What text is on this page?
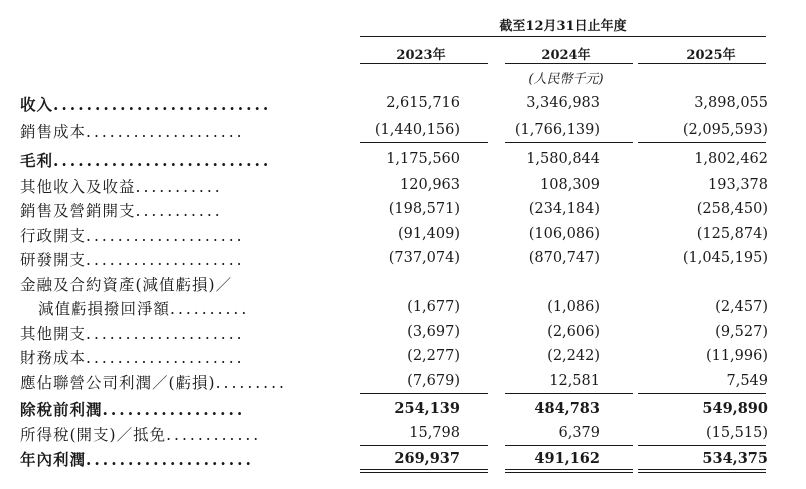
截至12月31日止年度
2023年	2024年	2025年
(人民幣千元)
收入..........................	2,615,716	3,346,983	3,898,055
銷售成本....................	(1,440,156)	(1,766,139)	(2,095,593)
毛利..........................	1,175,560	1,580,844	1,802,462
其他收入及收益...........	120,963	108,309	193,378
銷售及營銷開支...........	(198,571)	(234,184)	(258,450)
行政開支....................	(91,409)	(106,086)	(125,874)
研發開支....................	(737,074)	(870,747)	(1,045,195)
金融及合約資產(減值虧損)／
減值虧損撥回淨額..........	(1,677)	(1,086)	(2,457)
其他開支....................	(3,697)	(2,606)	(9,527)
財務成本....................	(2,277)	(2,242)	(11,996)
應佔聯營公司利潤／(虧損).........	(7,679)	12,581	7,549
除稅前利潤.................	254,139	484,783	549,890
所得稅(開支)／抵免............	15,798	6,379	(15,515)
年內利潤....................	269,937	491,162	534,375
